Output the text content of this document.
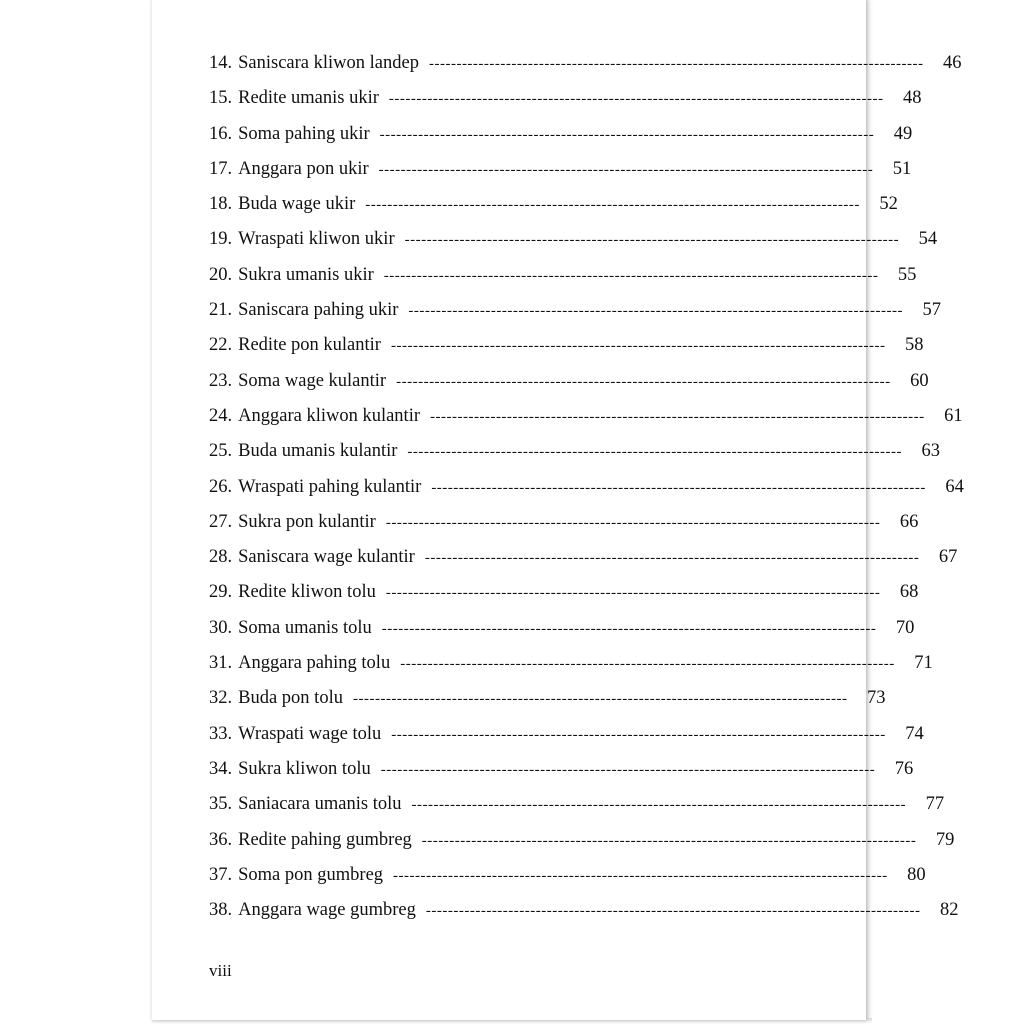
14. Saniscara kliwon landep ------------------------------------------------------------------------------------------	46
15. Redite umanis ukir ------------------------------------------------------------------------------------------	48
16. Soma pahing ukir ------------------------------------------------------------------------------------------	49
17. Anggara pon ukir ------------------------------------------------------------------------------------------	51
18. Buda wage ukir ------------------------------------------------------------------------------------------	52
19. Wraspati kliwon ukir ------------------------------------------------------------------------------------------	54
20. Sukra umanis ukir ------------------------------------------------------------------------------------------	55
21. Saniscara pahing ukir ------------------------------------------------------------------------------------------	57
22. Redite pon kulantir ------------------------------------------------------------------------------------------	58
23. Soma wage kulantir ------------------------------------------------------------------------------------------	60
24. Anggara kliwon kulantir ------------------------------------------------------------------------------------------	61
25. Buda umanis kulantir ------------------------------------------------------------------------------------------	63
26. Wraspati pahing kulantir ------------------------------------------------------------------------------------------	64
27. Sukra pon kulantir ------------------------------------------------------------------------------------------	66
28. Saniscara wage kulantir ------------------------------------------------------------------------------------------	67
29. Redite kliwon tolu ------------------------------------------------------------------------------------------	68
30. Soma umanis tolu ------------------------------------------------------------------------------------------	70
31. Anggara pahing tolu ------------------------------------------------------------------------------------------	71
32. Buda pon tolu ------------------------------------------------------------------------------------------	73
33. Wraspati wage tolu ------------------------------------------------------------------------------------------	74
34. Sukra kliwon tolu ------------------------------------------------------------------------------------------	76
35. Saniacara umanis tolu ------------------------------------------------------------------------------------------	77
36. Redite pahing gumbreg ------------------------------------------------------------------------------------------	79
37. Soma pon gumbreg ------------------------------------------------------------------------------------------	80
38. Anggara wage gumbreg ------------------------------------------------------------------------------------------	82
viii
